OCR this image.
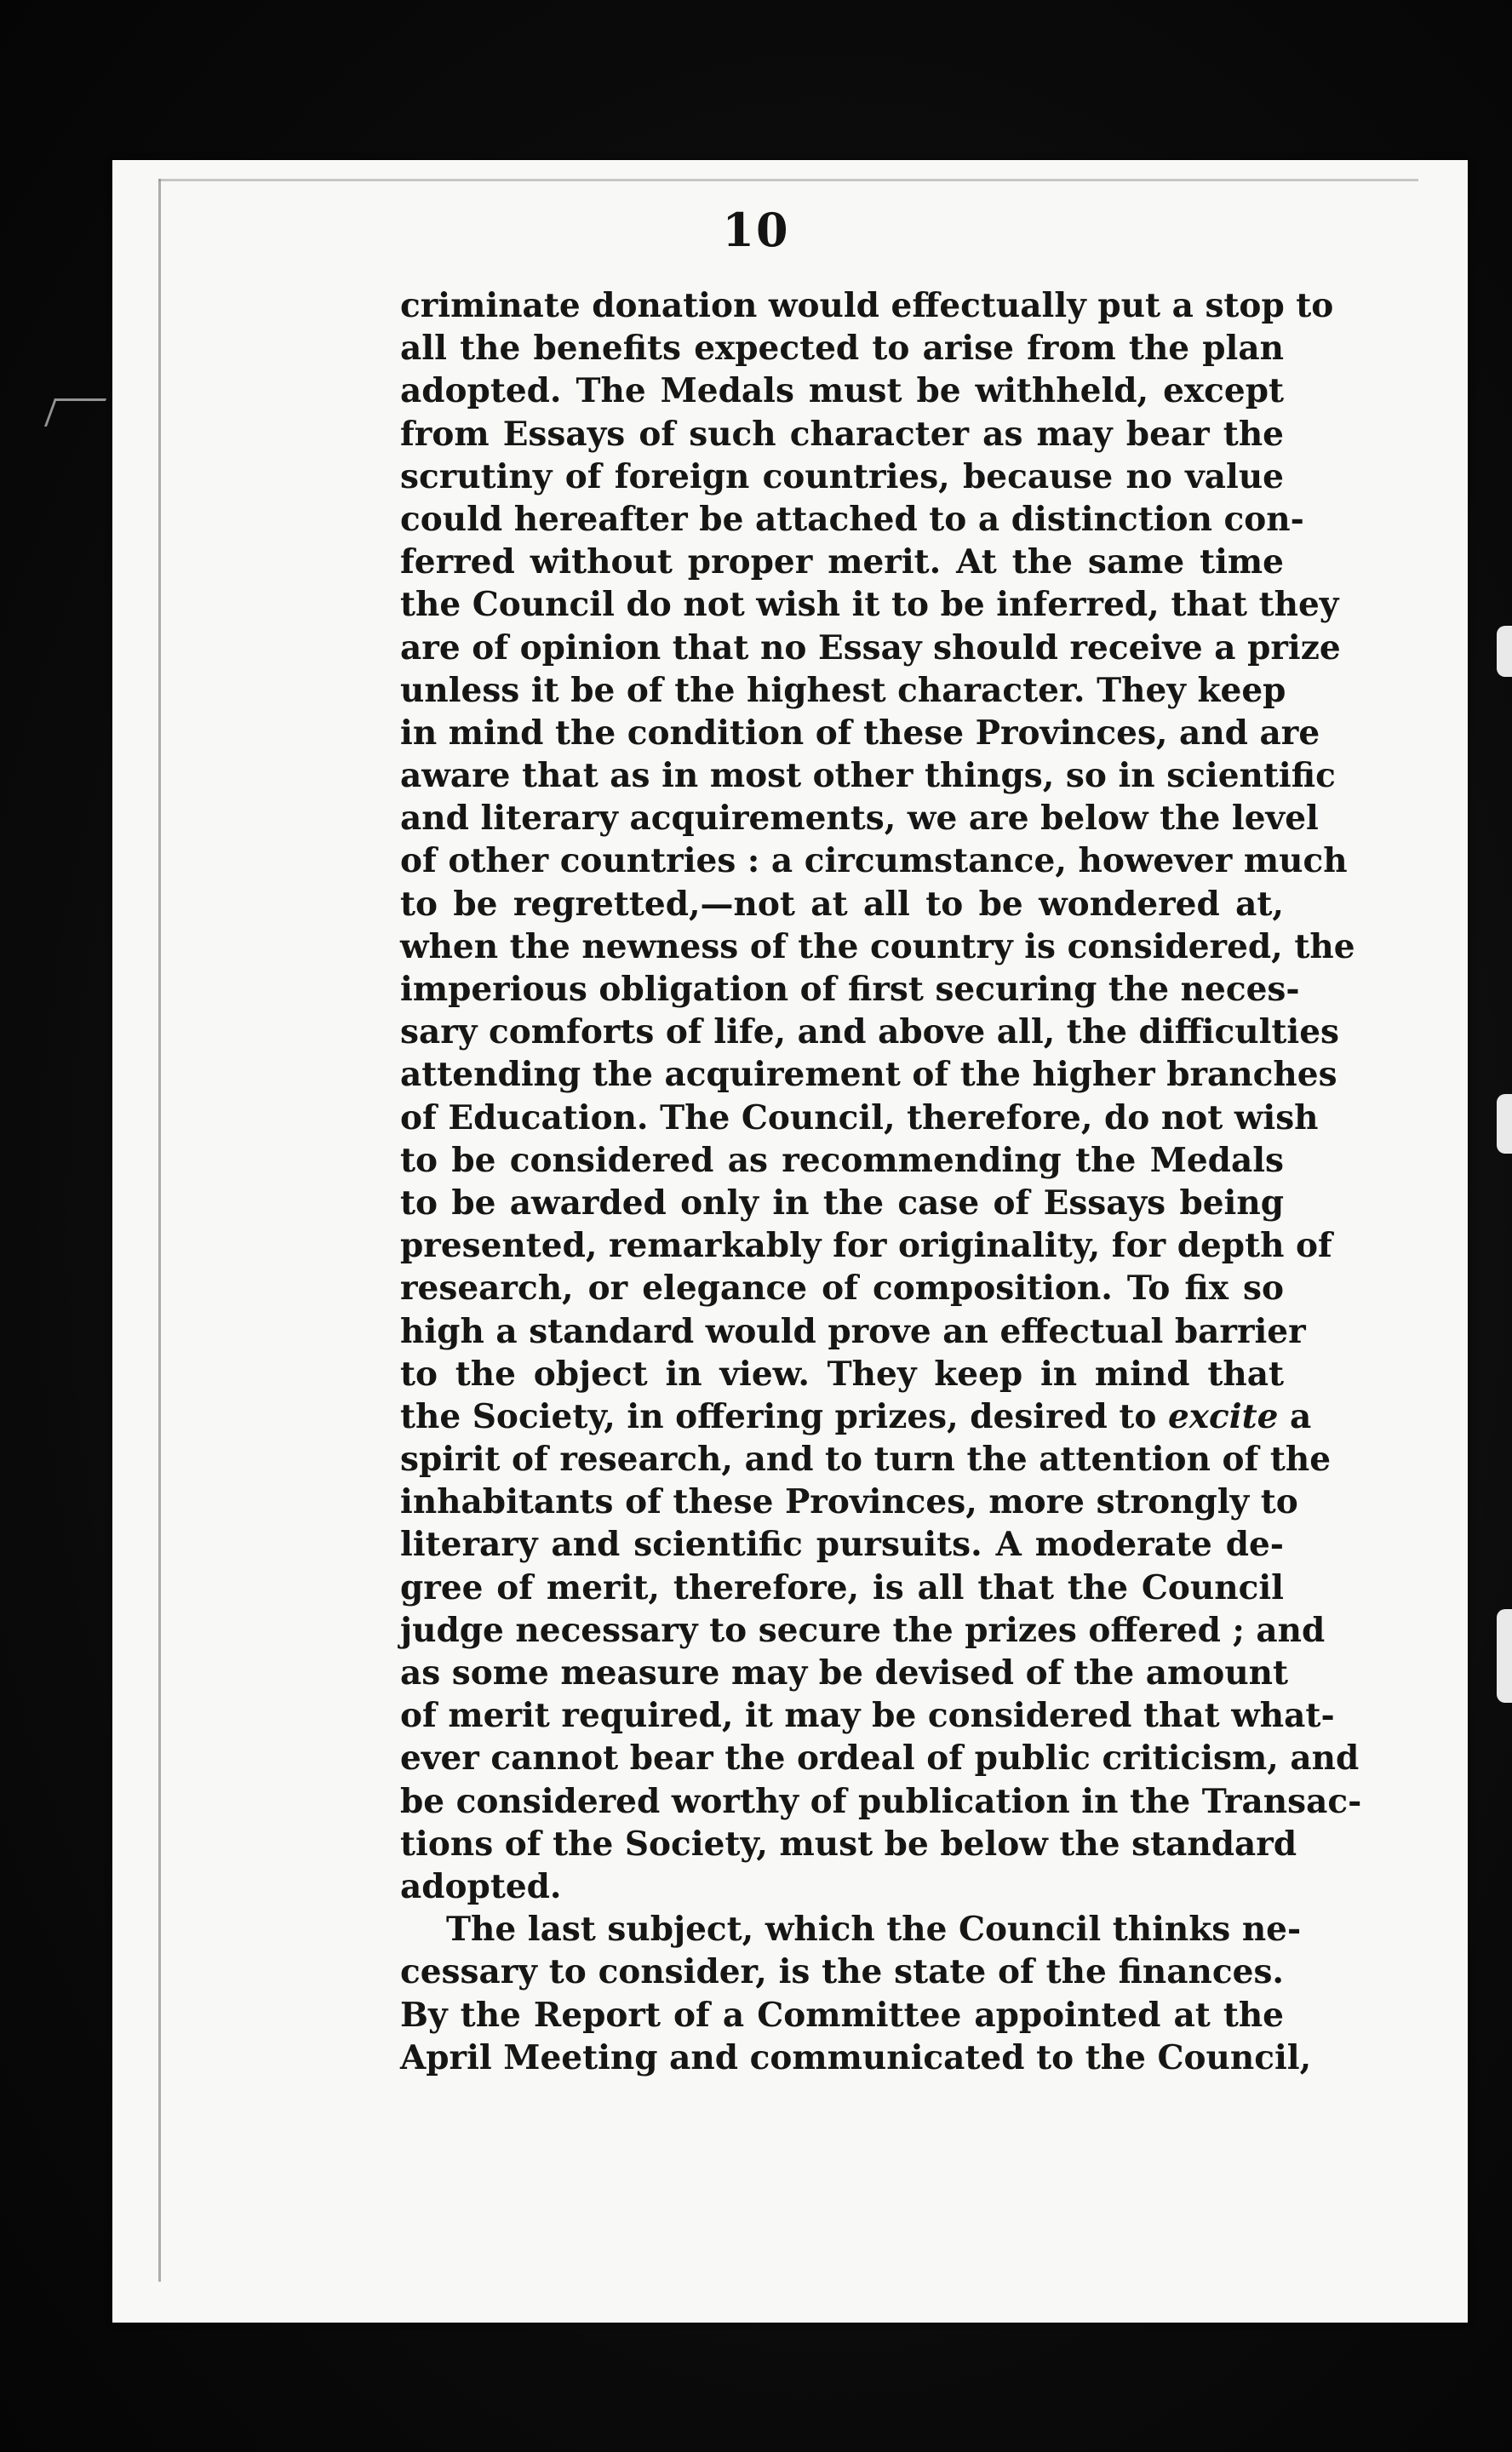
10
criminate donation would effectually put a stop to
all the benefits expected to arise from the plan
adopted. The Medals must be withheld, except
from Essays of such character as may bear the
scrutiny of foreign countries, because no value
could hereafter be attached to a distinction con-
ferred without proper merit. At the same time
the Council do not wish it to be inferred, that they
are of opinion that no Essay should receive a prize
unless it be of the highest character. They keep
in mind the condition of these Provinces, and are
aware that as in most other things, so in scientific
and literary acquirements, we are below the level
of other countries : a circumstance, however much
to be regretted,—not at all to be wondered at,
when the newness of the country is considered, the
imperious obligation of first securing the neces-
sary comforts of life, and above all, the difficulties
attending the acquirement of the higher branches
of Education. The Council, therefore, do not wish
to be considered as recommending the Medals
to be awarded only in the case of Essays being
presented, remarkably for originality, for depth of
research, or elegance of composition. To fix so
high a standard would prove an effectual barrier
to the object in view. They keep in mind that
the Society, in offering prizes, desired to excite a
spirit of research, and to turn the attention of the
inhabitants of these Provinces, more strongly to
literary and scientific pursuits. A moderate de-
gree of merit, therefore, is all that the Council
judge necessary to secure the prizes offered ; and
as some measure may be devised of the amount
of merit required, it may be considered that what-
ever cannot bear the ordeal of public criticism, and
be considered worthy of publication in the Transac-
tions of the Society, must be below the standard
adopted.
The last subject, which the Council thinks ne-
cessary to consider, is the state of the finances.
By the Report of a Committee appointed at the
April Meeting and communicated to the Council,
